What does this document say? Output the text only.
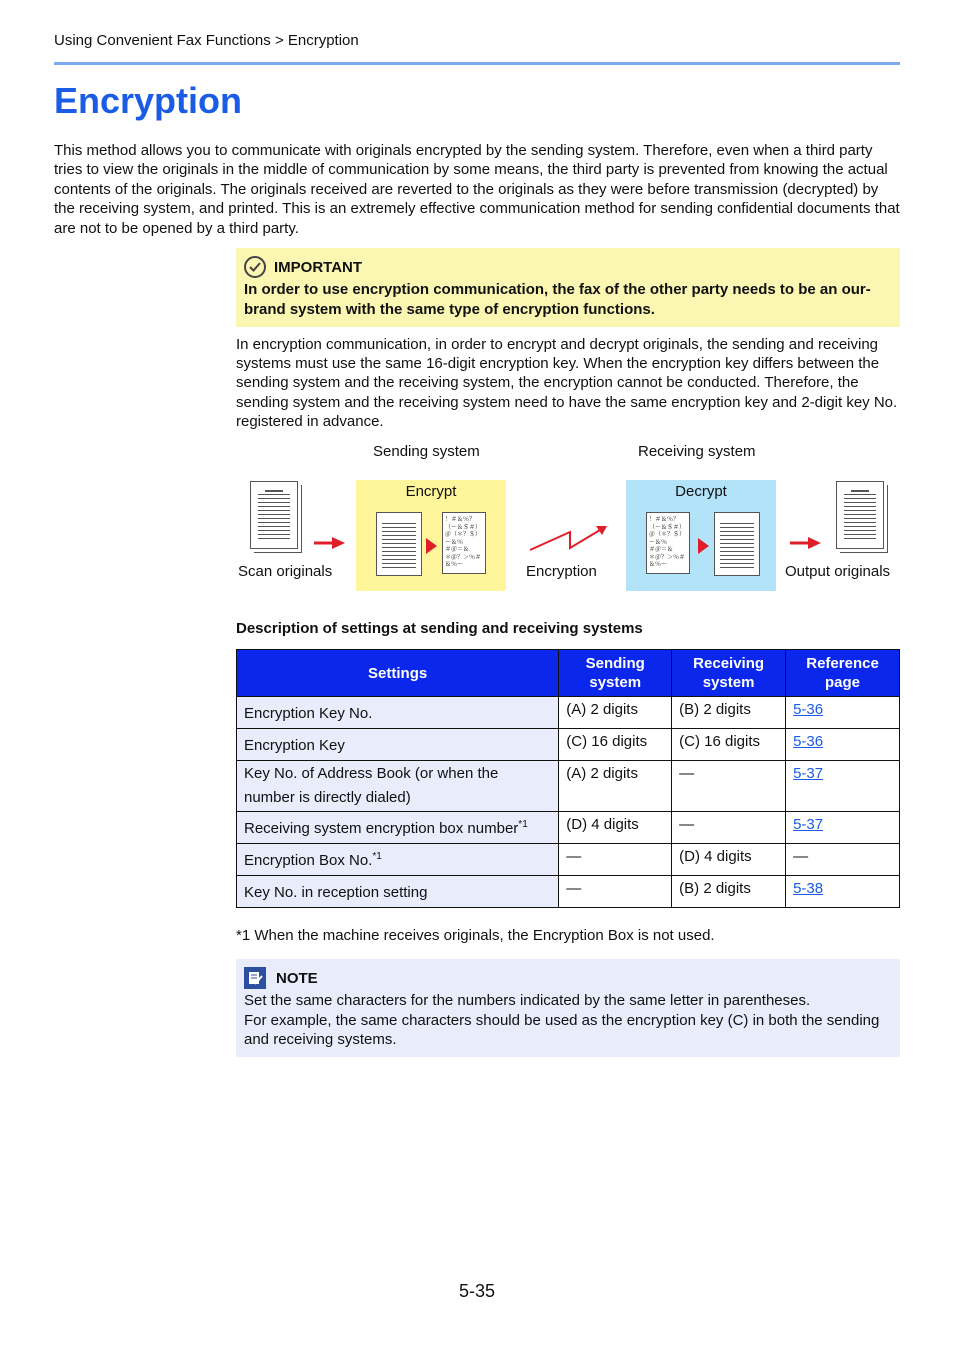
Using Convenient Fax Functions > Encryption
Encryption

This method allows you to communicate with originals encrypted by the sending system. Therefore, even when a third party tries to view the originals in the middle of communication by some means, the third party is prevented from knowing the actual contents of the originals. The originals received are reverted to the originals as they were before transmission (decrypted) by the receiving system, and printed. This is an extremely effective communication method for sending confidential documents that are not to be opened by a third party.

IMPORTANT
In order to use encryption communication, the fax of the other party needs to be an our-brand system with the same type of encryption functions.

In encryption communication, in order to encrypt and decrypt originals, the sending and receiving systems must use the same 16-digit encryption key. When the encryption key differs between the sending system and the receiving system, the encryption cannot be conducted. Therefore, the sending system and the receiving system need to have the same encryption key and 2-digit key No. registered in advance.

Sending system	Receiving system
Encrypt
！＃＆％？
（～＆＄＃）
＠（＊？＄）
～＆％
＃＠＝＆
＊＠？＞％＃
＆％～
Decrypt
！＃＆％？
（～＆＄＃）
＠（＊？＄）
～＆％
＃＠＝＆
＊＠？＞％＃
＆％～
Scan originals	Encryption	Output originals
Description of settings at sending and receiving systems
Settings	Sending system	Receiving system	Reference page
Encryption Key No.	(A) 2 digits	(B) 2 digits	5-36
Encryption Key	(C) 16 digits	(C) 16 digits	5-36
Key No. of Address Book (or when the number is directly dialed)	(A) 2 digits	—	5-37
Receiving system encryption box number$^{*1}$	(D) 4 digits	—	5-37
Encryption Box No.$^{*1}$	—	(D) 4 digits	—
Key No. in reception setting	—	(B) 2 digits	5-38
*1 When the machine receives originals, the Encryption Box is not used.
NOTE
Set the same characters for the numbers indicated by the same letter in parentheses.
For example, the same characters should be used as the encryption key (C) in both the sending and receiving systems.
5-35
